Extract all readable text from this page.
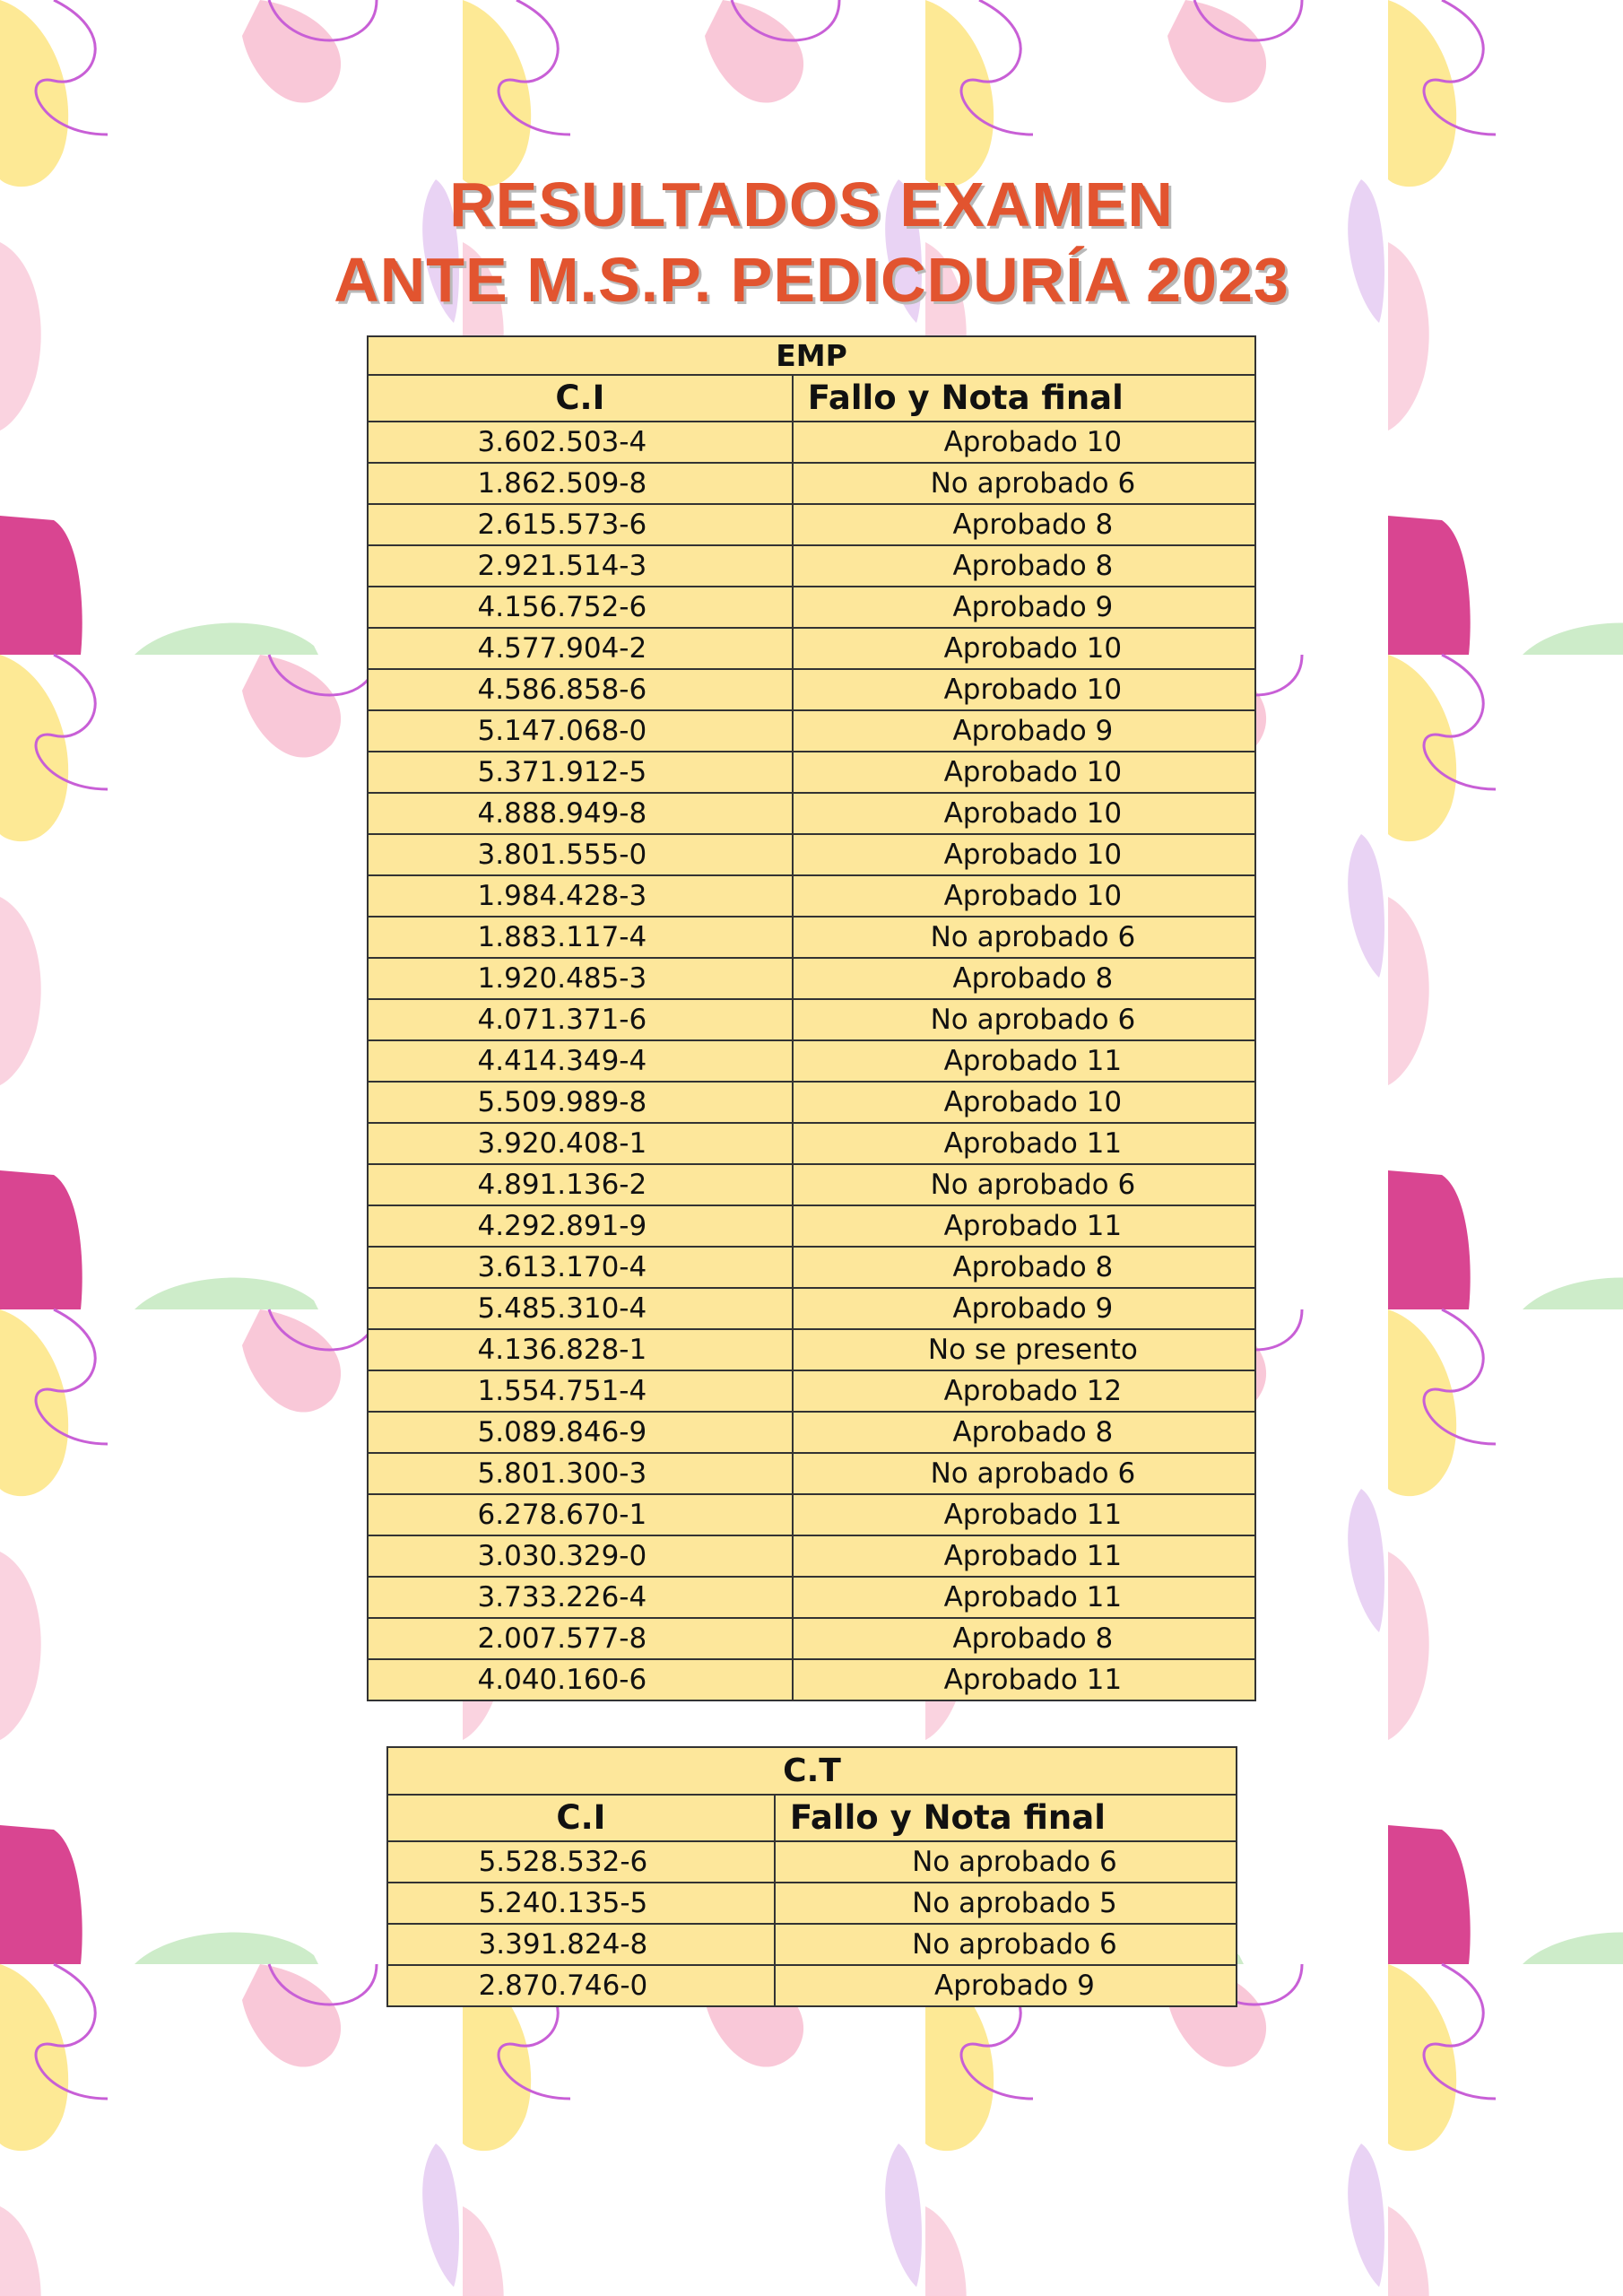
RESULTADOS EXAMEN
ANTE M.S.P. PEDICDURÍA 2023
EMP	
C.I	Fallo y Nota final
3.602.503-4	Aprobado 10
1.862.509-8	No aprobado 6
2.615.573-6	Aprobado 8
2.921.514-3	Aprobado 8
4.156.752-6	Aprobado 9
4.577.904-2	Aprobado 10
4.586.858-6	Aprobado 10
5.147.068-0	Aprobado 9
5.371.912-5	Aprobado 10
4.888.949-8	Aprobado 10
3.801.555-0	Aprobado 10
1.984.428-3	Aprobado 10
1.883.117-4	No aprobado 6
1.920.485-3	Aprobado 8
4.071.371-6	No aprobado 6
4.414.349-4	Aprobado 11
5.509.989-8	Aprobado 10
3.920.408-1	Aprobado 11
4.891.136-2	No aprobado 6
4.292.891-9	Aprobado 11
3.613.170-4	Aprobado 8
5.485.310-4	Aprobado 9
4.136.828-1	No se presento
1.554.751-4	Aprobado 12
5.089.846-9	Aprobado 8
5.801.300-3	No aprobado 6
6.278.670-1	Aprobado 11
3.030.329-0	Aprobado 11
3.733.226-4	Aprobado 11
2.007.577-8	Aprobado 8
4.040.160-6	Aprobado 11
C.T	
C.I	Fallo y Nota final
5.528.532-6	No aprobado 6
5.240.135-5	No aprobado 5
3.391.824-8	No aprobado 6
2.870.746-0	Aprobado 9
